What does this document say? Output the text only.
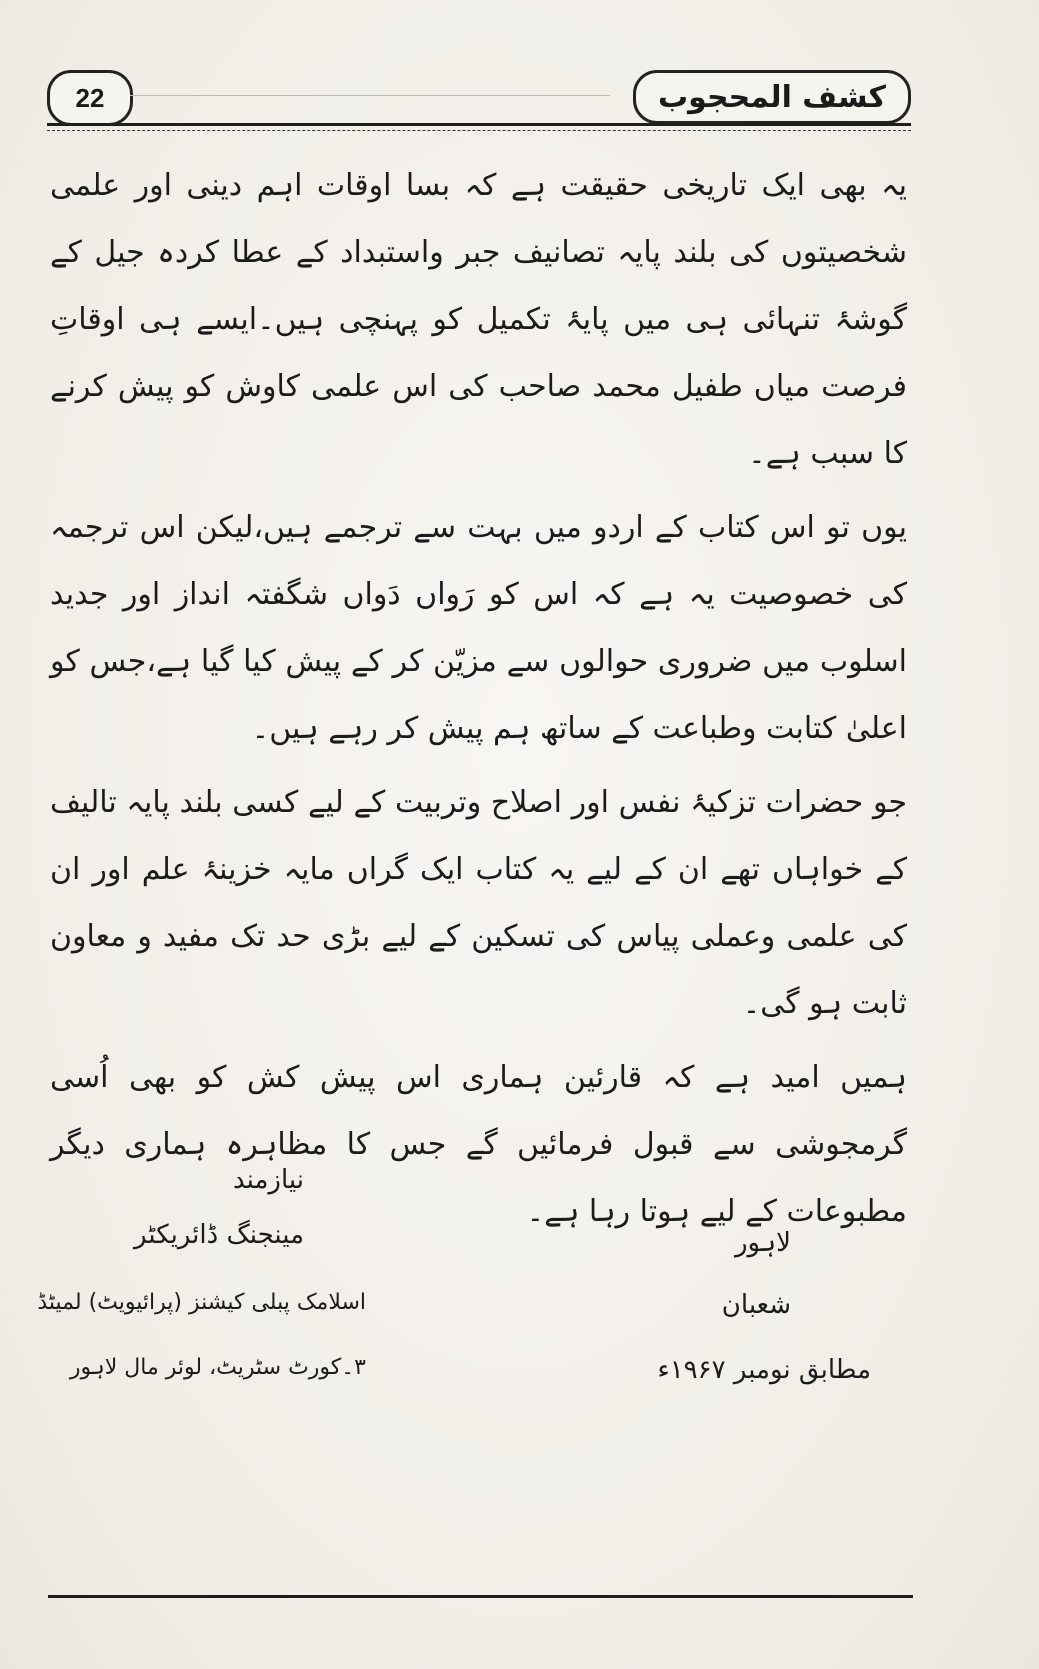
22	کشف المحجوب

یہ بھی ایک تاریخی حقیقت ہے کہ بسا اوقات اہم دینی اور علمی شخصیتوں کی بلند پایہ تصانیف جبر واستبداد کے عطا کردہ جیل کے گوشۂ تنہائی ہی میں پایۂ تکمیل کو پہنچی ہیں۔ایسے ہی اوقاتِ فرصت میاں طفیل محمد صاحب کی اس علمی کاوش کو پیش کرنے کا سبب ہے۔

یوں تو اس کتاب کے اردو میں بہت سے ترجمے ہیں،لیکن اس ترجمہ کی خصوصیت یہ ہے کہ اس کو رَواں دَواں شگفتہ انداز اور جدید اسلوب میں ضروری حوالوں سے مزیّن کر کے پیش کیا گیا ہے،جس کو اعلیٰ کتابت وطباعت کے ساتھ ہم پیش کر رہے ہیں۔

جو حضرات تزکیۂ نفس اور اصلاح وتربیت کے لیے کسی بلند پایہ تالیف کے خواہاں تھے ان کے لیے یہ کتاب ایک گراں مایہ خزینۂ علم اور ان کی علمی وعملی پیاس کی تسکین کے لیے بڑی حد تک مفید و معاون ثابت ہو گی۔

ہمیں امید ہے کہ قارئین ہماری اس پیش کش کو بھی اُسی گرمجوشی سے قبول فرمائیں گے جس کا مظاہرہ ہماری دیگر مطبوعات کے لیے ہوتا رہا ہے۔

نیازمند
مینجنگ ڈائریکٹر
اسلامک پبلی کیشنز (پرائیویٹ) لمیٹڈ
۳۔کورٹ سٹریٹ، لوئر مال لاہور
لاہور
شعبان
مطابق نومبر ۱۹۶۷ء
